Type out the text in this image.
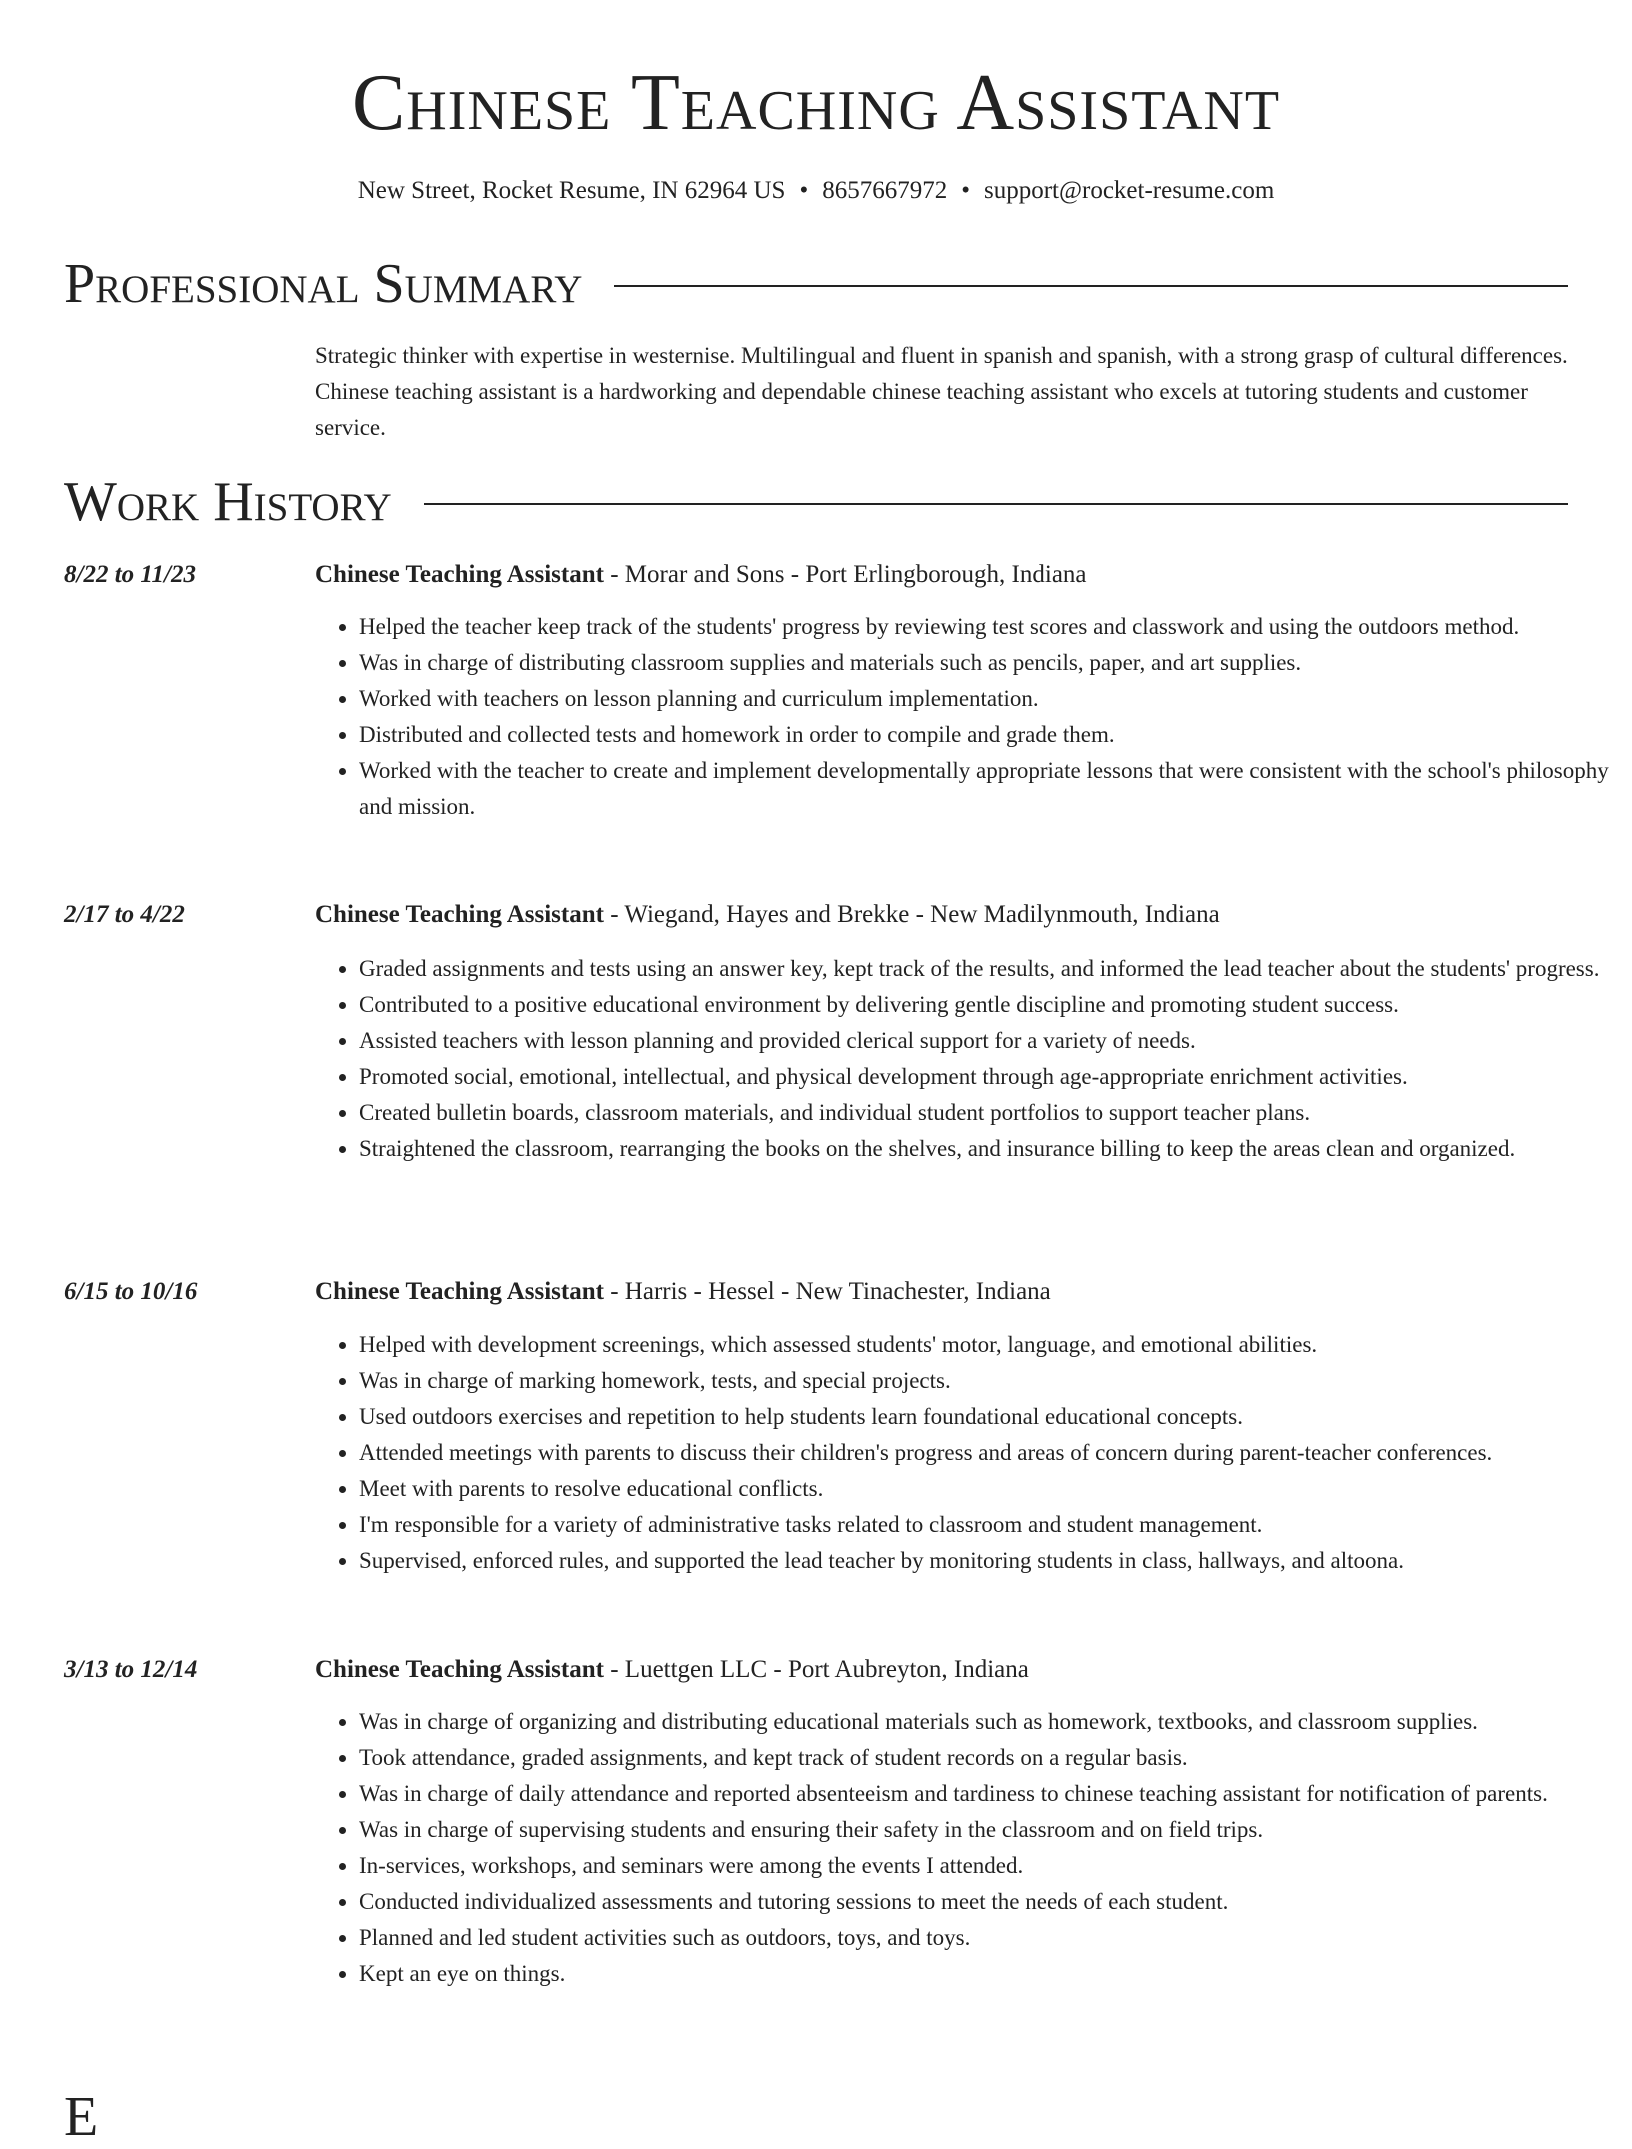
Chinese Teaching Assistant
New Street, Rocket Resume, IN 62964 US • 8657667972 • support@rocket-resume.com
Professional Summary
Strategic thinker with expertise in westernise. Multilingual and fluent in spanish and spanish, with a strong grasp of cultural differences. Chinese teaching assistant is a hardworking and dependable chinese teaching assistant who excels at tutoring students and customer service.
Work History
8/22 to 11/23	Chinese Teaching Assistant - Morar and Sons - Port Erlingborough, Indiana
• Helped the teacher keep track of the students' progress by reviewing test scores and classwork and using the outdoors method.
• Was in charge of distributing classroom supplies and materials such as pencils, paper, and art supplies.
• Worked with teachers on lesson planning and curriculum implementation.
• Distributed and collected tests and homework in order to compile and grade them.
• Worked with the teacher to create and implement developmentally appropriate lessons that were consistent with the school's philosophy and mission.
2/17 to 4/22	Chinese Teaching Assistant - Wiegand, Hayes and Brekke - New Madilynmouth, Indiana
• Graded assignments and tests using an answer key, kept track of the results, and informed the lead teacher about the students' progress.
• Contributed to a positive educational environment by delivering gentle discipline and promoting student success.
• Assisted teachers with lesson planning and provided clerical support for a variety of needs.
• Promoted social, emotional, intellectual, and physical development through age-appropriate enrichment activities.
• Created bulletin boards, classroom materials, and individual student portfolios to support teacher plans.
• Straightened the classroom, rearranging the books on the shelves, and insurance billing to keep the areas clean and organized.
6/15 to 10/16	Chinese Teaching Assistant - Harris - Hessel - New Tinachester, Indiana
• Helped with development screenings, which assessed students' motor, language, and emotional abilities.
• Was in charge of marking homework, tests, and special projects.
• Used outdoors exercises and repetition to help students learn foundational educational concepts.
• Attended meetings with parents to discuss their children's progress and areas of concern during parent-teacher conferences.
• Meet with parents to resolve educational conflicts.
• I'm responsible for a variety of administrative tasks related to classroom and student management.
• Supervised, enforced rules, and supported the lead teacher by monitoring students in class, hallways, and altoona.
3/13 to 12/14	Chinese Teaching Assistant - Luettgen LLC - Port Aubreyton, Indiana
• Was in charge of organizing and distributing educational materials such as homework, textbooks, and classroom supplies.
• Took attendance, graded assignments, and kept track of student records on a regular basis.
• Was in charge of daily attendance and reported absenteeism and tardiness to chinese teaching assistant for notification of parents.
• Was in charge of supervising students and ensuring their safety in the classroom and on field trips.
• In-services, workshops, and seminars were among the events I attended.
• Conducted individualized assessments and tutoring sessions to meet the needs of each student.
• Planned and led student activities such as outdoors, toys, and toys.
• Kept an eye on things.
E
